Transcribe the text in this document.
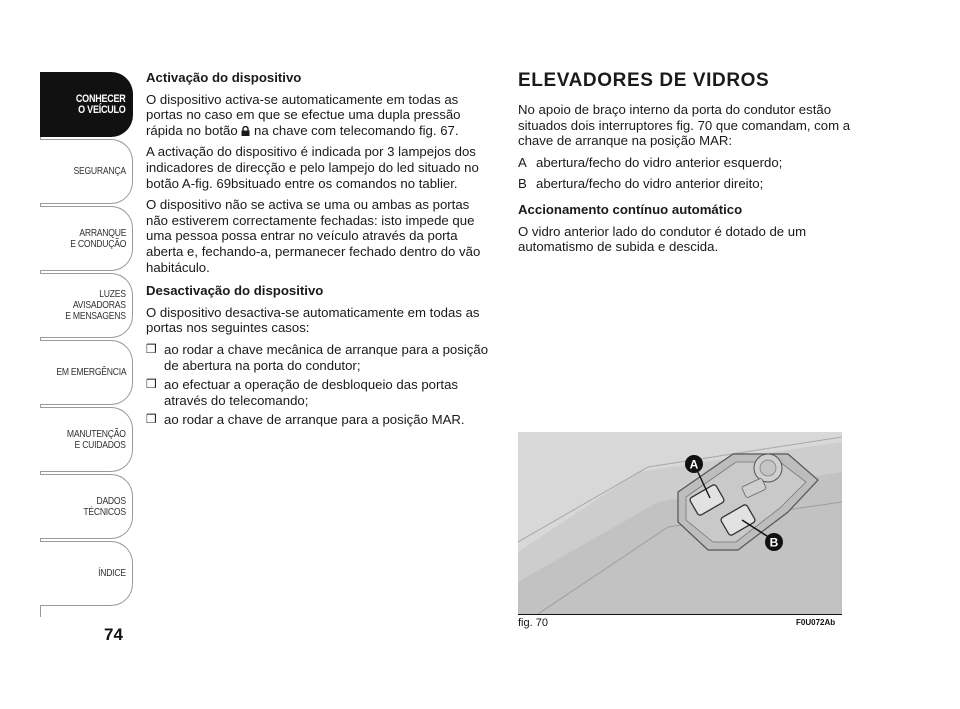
CONHECER
O VEÍCULO
SEGURANÇA
ARRANQUE
E CONDUÇÃO
LUZES
AVISADORAS
E MENSAGENS
EM EMERGÊNCIA
MANUTENÇÃO
E CUIDADOS
DADOS
TÉCNICOS
ÍNDICE
74
Activação do dispositivo

O dispositivo activa-se automaticamente em todas as portas no caso em que se efectue uma dupla pressão rápida no botão na chave com telecomando fig. 67.

A activação do dispositivo é indicada por 3 lampejos dos indicadores de direcção e pelo lampejo do led situado no botão A-fig. 69bsituado entre os comandos no tablier.

O dispositivo não se activa se uma ou ambas as portas não estiverem correctamente fechadas: isto impede que uma pessoa possa entrar no veículo através da porta aberta e, fechando-a, permanecer fechado dentro do vão habitáculo.

Desactivação do dispositivo

O dispositivo desactiva-se automaticamente em todas as portas nos seguintes casos:

❒ ao rodar a chave mecânica de arranque para a posição de abertura na porta do condutor;
❒ ao efectuar a operação de desbloqueio das portas através do telecomando;
❒ ao rodar a chave de arranque para a posição MAR.
ELEVADORES DE VIDROS

No apoio de braço interno da porta do condutor estão situados dois interruptores fig. 70 que comandam, com a chave de arranque na posição MAR:

A abertura/fecho do vidro anterior esquerdo;
B abertura/fecho do vidro anterior direito;
Accionamento contínuo automático

O vidro anterior lado do condutor é dotado de um automatismo de subida e descida.

A
B
fig. 70	F0U072Ab
